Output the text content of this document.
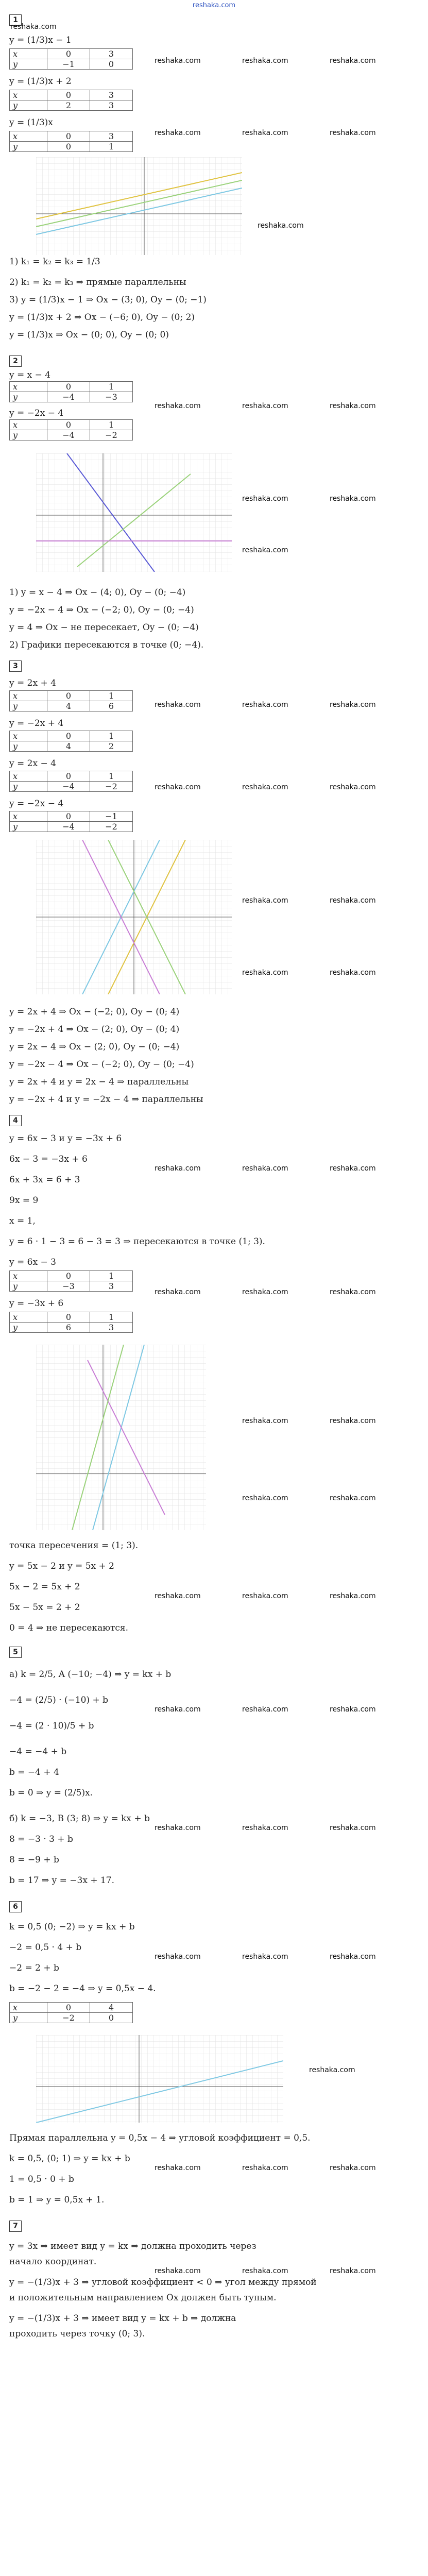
reshaka.com
1
y = (1/3)x − 1
x	0	3
y	−1	0
y = (1/3)x + 2
x	0	3
y	2	3
y = (1/3)x
x	0	3
y	0	1
1) k₁ = k₂ = k₃ = 1/3
2) k₁ = k₂ = k₃ ⇒ прямые параллельны
3) y = (1/3)x − 1 ⇒ Ox − (3; 0), Oy − (0; −1)
y = (1/3)x + 2 ⇒ Ox − (−6; 0), Oy − (0; 2)
y = (1/3)x ⇒ Ox − (0; 0), Oy − (0; 0)
2
y = x − 4
x	0	1
y	−4	−3
y = −2x − 4
x	0	1
y	−4	−2
1) y = x − 4 ⇒ Ox − (4; 0), Oy − (0; −4)
y = −2x − 4 ⇒ Ox − (−2; 0), Oy − (0; −4)
y = 4 ⇒ Ox − не пересекает, Oy − (0; −4)
2) Графики пересекаются в точке (0; −4).
3
y = 2x + 4
x	0	1
y	4	6
y = −2x + 4
x	0	1
y	4	2
y = 2x − 4
x	0	1
y	−4	−2
y = −2x − 4
x	0	−1
y	−4	−2
y = 2x + 4 ⇒ Ox − (−2; 0), Oy − (0; 4)
y = −2x + 4 ⇒ Ox − (2; 0), Oy − (0; 4)
y = 2x − 4 ⇒ Ox − (2; 0), Oy − (0; −4)
y = −2x − 4 ⇒ Ox − (−2; 0), Oy − (0; −4)
y = 2x + 4 и y = 2x − 4 ⇒ параллельны
y = −2x + 4 и y = −2x − 4 ⇒ параллельны
4
y = 6x − 3 и y = −3x + 6
6x − 3 = −3x + 6
6x + 3x = 6 + 3
9x = 9
x = 1,
y = 6 · 1 − 3 = 6 − 3 = 3 ⇒ пересекаются в точке (1; 3).
y = 6x − 3
x	0	1
y	−3	3
y = −3x + 6
x	0	1
y	6	3
точка пересечения = (1; 3).
y = 5x − 2 и y = 5x + 2
5x − 2 = 5x + 2
5x − 5x = 2 + 2
0 = 4 ⇒ не пересекаются.
5
а) k = 2/5, A (−10; −4) ⇒ y = kx + b
−4 = (2/5) · (−10) + b
−4 = (2 · 10)/5 + b
−4 = −4 + b
b = −4 + 4
b = 0 ⇒ y = (2/5)x.
б) k = −3, B (3; 8) ⇒ y = kx + b
8 = −3 · 3 + b
8 = −9 + b
b = 17 ⇒ y = −3x + 17.
6
k = 0,5 (0; −2) ⇒ y = kx + b
−2 = 0,5 · 4 + b
−2 = 2 + b
b = −2 − 2 = −4 ⇒ y = 0,5x − 4.
x	0	4
y	−2	0
Прямая параллельна y = 0,5x − 4 ⇒ угловой коэффициент = 0,5.
k = 0,5, (0; 1) ⇒ y = kx + b
1 = 0,5 · 0 + b
b = 1 ⇒ y = 0,5x + 1.
7
y = 3x ⇒ имеет вид y = kx ⇒ должна проходить через
начало координат.
y = −(1/3)x + 3 ⇒ угловой коэффициент < 0 ⇒ угол между прямой
и положительным направлением Ox должен быть тупым.
y = −(1/3)x + 3 ⇒ имеет вид y = kx + b ⇒ должна
проходить через точку (0; 3).
reshaka.com
reshaka.com	reshaka.com	reshaka.com
reshaka.com	reshaka.com	reshaka.com
reshaka.com
reshaka.com	reshaka.com	reshaka.com
reshaka.com	reshaka.com
reshaka.com
reshaka.com	reshaka.com	reshaka.com
reshaka.com	reshaka.com	reshaka.com
reshaka.com	reshaka.com
reshaka.com	reshaka.com
reshaka.com	reshaka.com	reshaka.com
reshaka.com	reshaka.com	reshaka.com
reshaka.com	reshaka.com
reshaka.com	reshaka.com
reshaka.com	reshaka.com	reshaka.com
reshaka.com	reshaka.com	reshaka.com
reshaka.com	reshaka.com	reshaka.com
reshaka.com	reshaka.com	reshaka.com
reshaka.com
reshaka.com	reshaka.com	reshaka.com
reshaka.com	reshaka.com	reshaka.com
